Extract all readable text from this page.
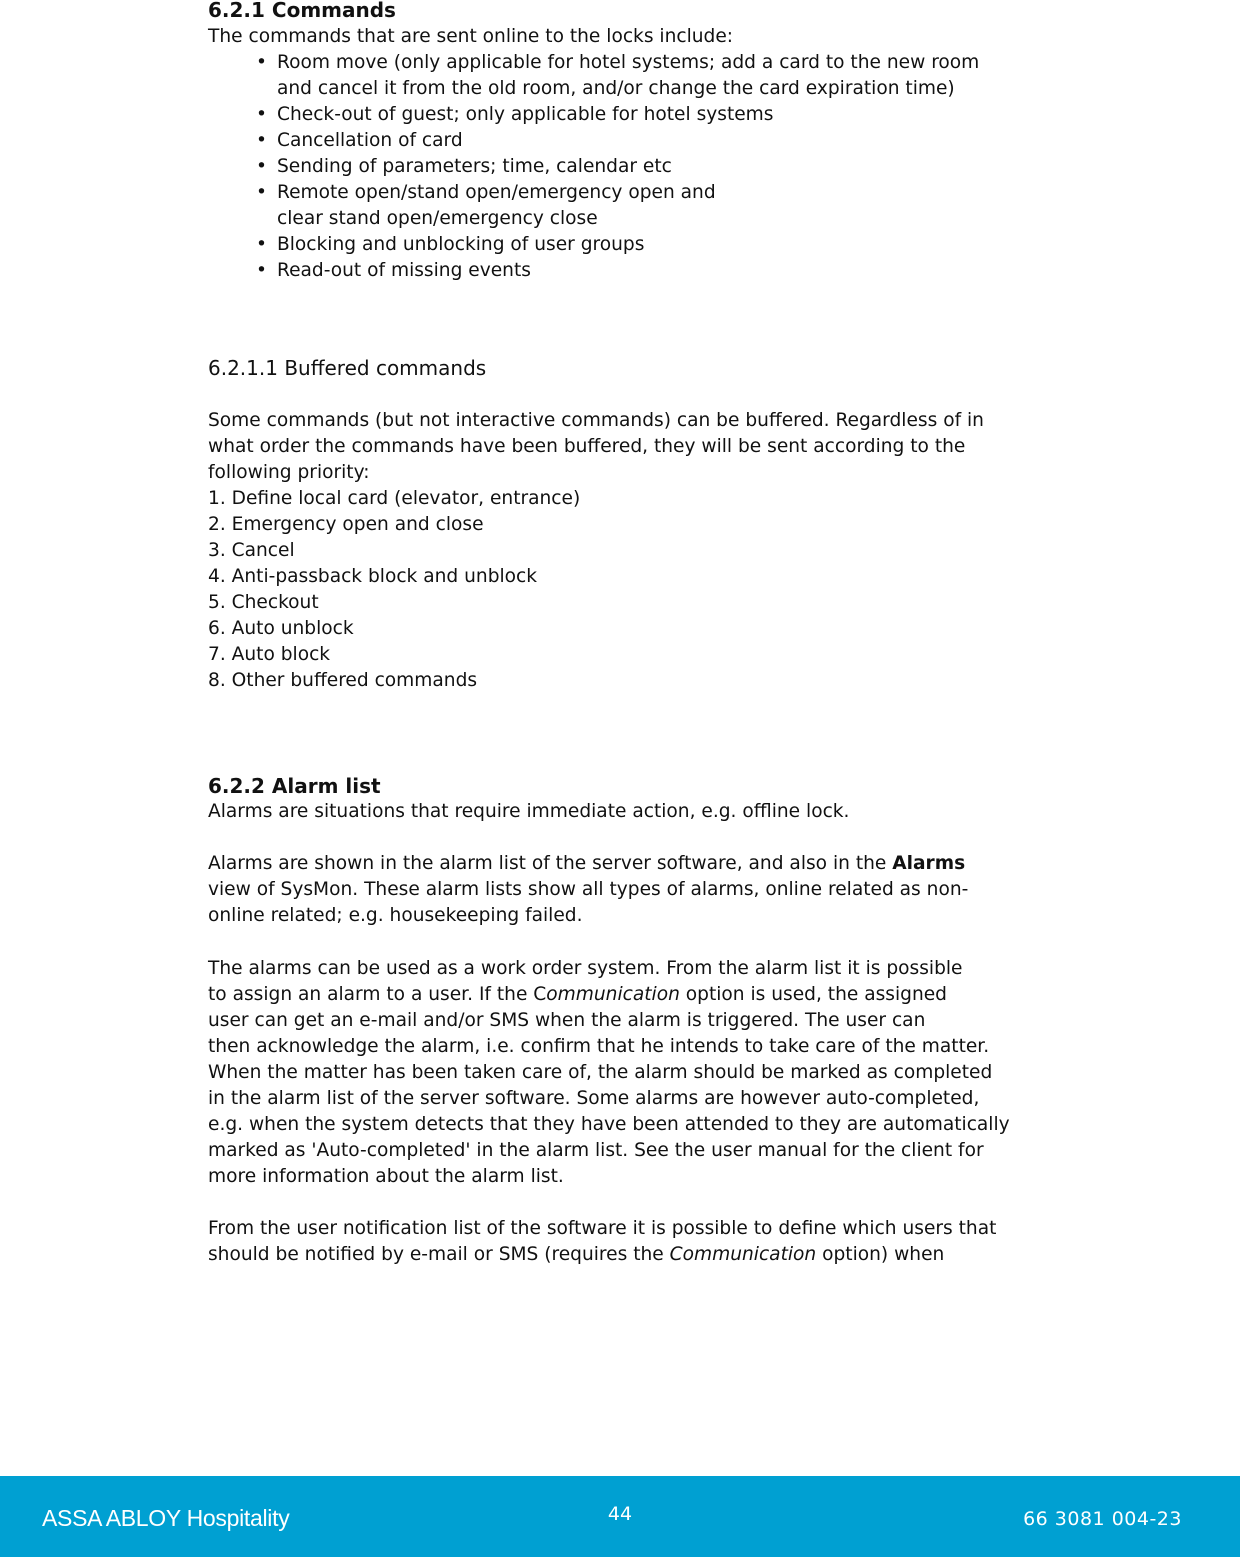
6.2.1 Commands

The commands that are sent online to the locks include:

• Room move (only applicable for hotel systems; add a card to the new room
and cancel it from the old room, and/or change the card expiration time)
• Check-out of guest; only applicable for hotel systems
• Cancellation of card
• Sending of parameters; time, calendar etc
• Remote open/stand open/emergency open and
clear stand open/emergency close
• Blocking and unblocking of user groups
• Read-out of missing events
6.2.1.1 Buffered commands

Some commands (but not interactive commands) can be buffered. Regardless of in
what order the commands have been buffered, they will be sent according to the
following priority:

1. Define local card (elevator, entrance)
2. Emergency open and close
3. Cancel
4. Anti-passback block and unblock
5. Checkout
6. Auto unblock
7. Auto block
8. Other buffered commands
6.2.2 Alarm list

Alarms are situations that require immediate action, e.g. offline lock.

Alarms are shown in the alarm list of the server software, and also in the Alarms
view of SysMon. These alarm lists show all types of alarms, online related as non-
online related; e.g. housekeeping failed.

The alarms can be used as a work order system. From the alarm list it is possible
to assign an alarm to a user. If the Communication option is used, the assigned
user can get an e-mail and/or SMS when the alarm is triggered. The user can
then acknowledge the alarm, i.e. confirm that he intends to take care of the matter.
When the matter has been taken care of, the alarm should be marked as completed
in the alarm list of the server software. Some alarms are however auto-completed,
e.g. when the system detects that they have been attended to they are automatically
marked as 'Auto-completed' in the alarm list. See the user manual for the client for
more information about the alarm list.

From the user notification list of the software it is possible to define which users that
should be notified by e-mail or SMS (requires the Communication option) when

ASSA ABLOY Hospitality	44	66 3081 004-23
